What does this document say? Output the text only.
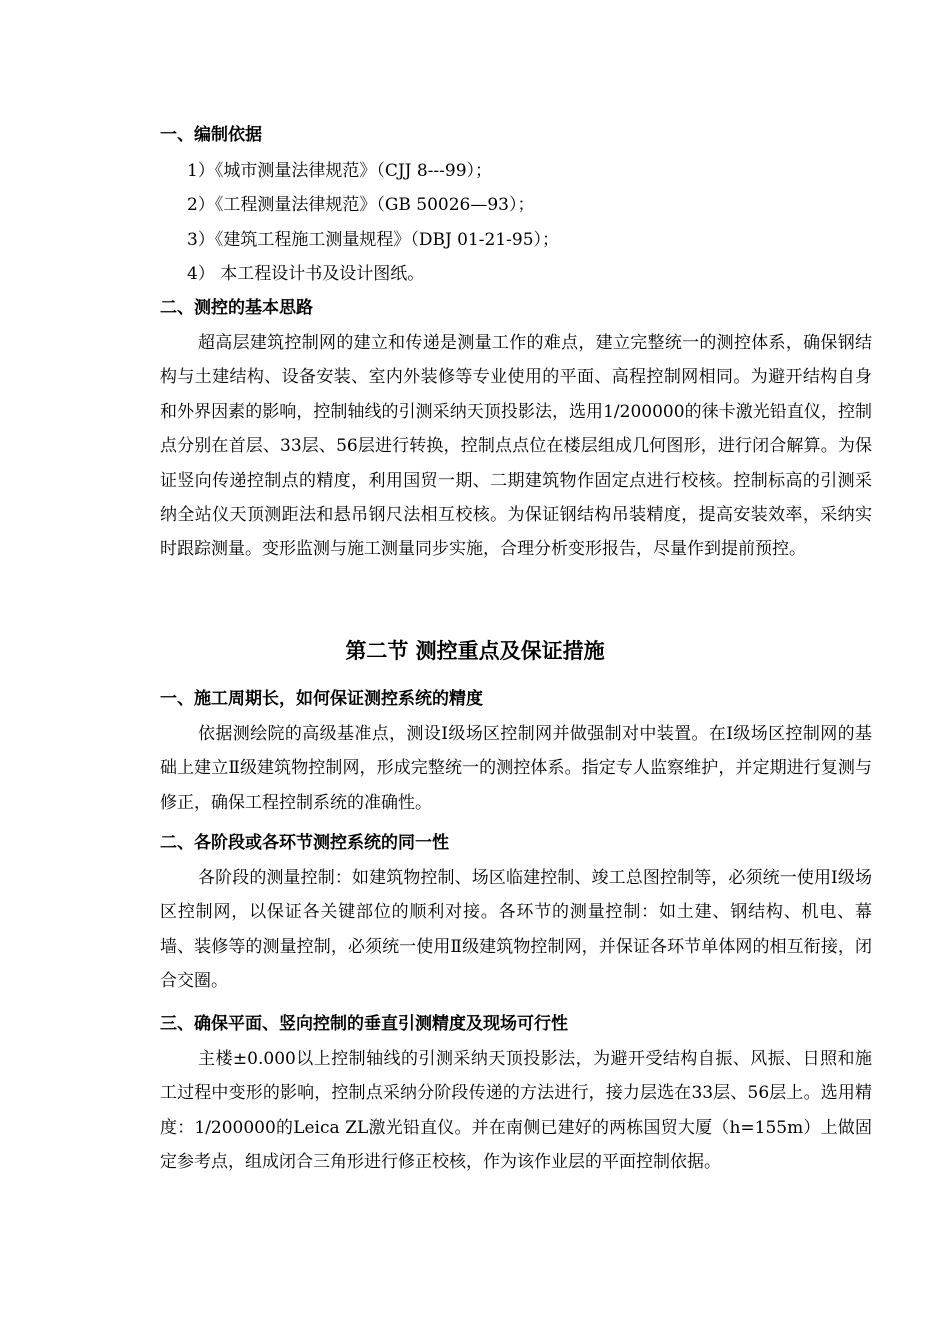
一、编制依据
1）《城市测量法律规范》（CJJ 8---99）；
2）《工程测量法律规范》（GB 50026—93）；
3）《建筑工程施工测量规程》（DBJ 01-21-95）；
4） 本工程设计书及设计图纸。
二、测控的基本思路
超高层建筑控制网的建立和传递是测量工作的难点，建立完整统一的测控体系，确保钢结构与土建结构、设备安装、室内外装修等专业使用的平面、高程控制网相同。为避开结构自身和外界因素的影响，控制轴线的引测采纳天顶投影法，选用1/200000的徕卡激光铅直仪，控制点分别在首层、33层、56层进行转换，控制点点位在楼层组成几何图形，进行闭合解算。为保证竖向传递控制点的精度，利用国贸一期、二期建筑物作固定点进行校核。控制标高的引测采纳全站仪天顶测距法和悬吊钢尺法相互校核。为保证钢结构吊装精度，提高安装效率，采纳实时跟踪测量。变形监测与施工测量同步实施，合理分析变形报告，尽量作到提前预控。
第二节 测控重点及保证措施
一、施工周期长，如何保证测控系统的精度
依据测绘院的高级基准点，测设Ⅰ级场区控制网并做强制对中装置。在Ⅰ级场区控制网的基础上建立Ⅱ级建筑物控制网，形成完整统一的测控体系。指定专人监察维护，并定期进行复测与修正，确保工程控制系统的准确性。
二、各阶段或各环节测控系统的同一性
各阶段的测量控制：如建筑物控制、场区临建控制、竣工总图控制等，必须统一使用Ⅰ级场区控制网，以保证各关键部位的顺利对接。各环节的测量控制：如土建、钢结构、机电、幕墙、装修等的测量控制，必须统一使用Ⅱ级建筑物控制网，并保证各环节单体网的相互衔接，闭合交圈。
三、确保平面、竖向控制的垂直引测精度及现场可行性
主楼±0.000以上控制轴线的引测采纳天顶投影法，为避开受结构自振、风振、日照和施工过程中变形的影响，控制点采纳分阶段传递的方法进行，接力层选在33层、56层上。选用精度：1/200000的Leica ZL激光铅直仪。并在南侧已建好的两栋国贸大厦（h=155m）上做固定参考点，组成闭合三角形进行修正校核，作为该作业层的平面控制依据。
